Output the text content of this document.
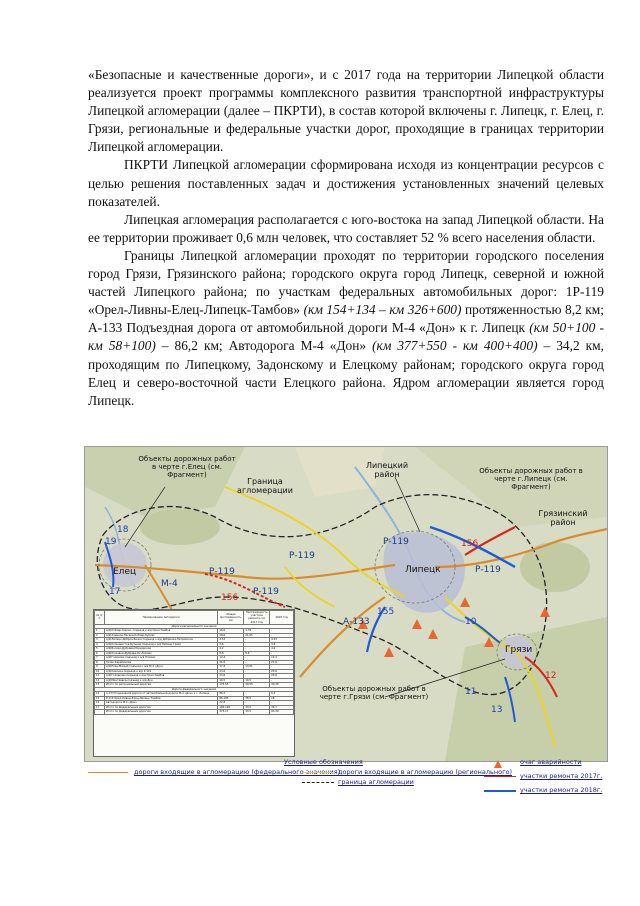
«Безопасные и качественные дороги», и с 2017 года на территории Липецкой области реализуется проект программы комплексного развития транспортной инфраструктуры Липецкой агломерации (далее – ПКРТИ), в состав которой включены г. Липецк, г. Елец, г. Грязи, региональные и федеральные участки дорог, проходящие в границах территории Липецкой агломерации.

ПКРТИ Липецкой агломерации сформирована исходя из концентрации ресурсов с целью решения поставленных задач и достижения установленных значений целевых показателей.

Липецкая агломерация располагается с юго-востока на запад Липецкой области. На ее территории проживает 0,6 млн человек, что составляет 52 % всего населения области.

Границы Липецкой агломерации проходят по территории городского поселения город Грязи, Грязинского района; городского округа город Липецк, северной и южной частей Липецкого района; по участкам федеральных автомобильных дорог: 1Р-119 «Орел-Ливны-Елец-Липецк-Тамбов» (км 154+134 – км 326+600) протяженностью 8,2 км; А-133 Подъездная дорога от автомобильной дороги М-4 «Дон» к г. Липецк (км 50+100 - км 58+100) – 86,2 км; Автодорога М-4 «Дон» (км 377+550 - км 400+400) – 34,2 км, проходящим по Липецкому, Задонскому и Елецкому районам; городского округа город Елец и северо-восточной части Елецкого района. Ядром агломерации является город Липецк.

Объекты дорожных работ в черте г.Елец (см. Фрагмент)
Граница агломерации
Липецкий район	Объекты дорожных работ в черте г.Липецк (см. Фрагмент)
Грязинский район
Объекты дорожных работ в черте г.Грязи (см. Фрагмент)
Елец	Липецк
Грязи
Р-119
Р-119
Р-119
Р-119
Р-119
М-4
А-133
18
19
17
156
156
155
10
12
11
13
№ п/п	Наименование Автодороги	Общая протяжённость, км	Протяжённость участков ремонта, км 2017 год	2018 год
Дороги регионального значения				
1	А/Д Кобзар-Ключи, подъезд к а/д Орел-Тамбов	16,6	1,79	-
2	А/Д Хлевное-Пасека-Кобзар-Куплас	29,0	21,05	-
3	А/Д Липецк-Доброе-Бечки подъезд к а/д Добринка-Петровское	4,53	-	4,53
4	А/Д Колыхвостов-Бутыши подъезд к а/д Липецк-Грязи	3,6	-	3,6
5	А/Д Волово-Дубрава-Мордовская	4,2	-	4,2
6	А/Д Кожевки-Дубрава-Ок.Ломово	8,8	8,8	-
7	А/Д Голиково-подъезд к а/д Ломово	12,4	-	12,4
8	Грязи-Карабинова	21,6	-	21,6
9	А/Д Елец-Малый-подъезд к а/д М-4 «Дон»	17,8	13,01	-
10	А/Д Казинка-подъезд к а/д Р-119	23,6	-	23,6
11	А/Д Головково-подъезд к а/д Орел-Тамбов	23,6	-	23,6
12	А/Д Минтаевка-подъезд к а/д Дон	10,5	10,5	-
13	Итого по региональным дорогам	175,55	29,55	30,38
Дороги федерального значения				
14	А-133 Подъездная дорога от автомобильной дороги М-4 «Дон» к г. Липецк	86,2	-	6,3
15	Р-119 Орел-Ливны-Елец-Липецк-Тамбов	86,195	38,5	18
16	Автодорога М-4 «Дон»	22,8	-	-
17	Итого по федеральным дорогам	195,195	33,5	34,7
	Итого по федеральным дорогам	375,17	33,5	93,39
Условные обозначения
дороги входящие в агломерацию (федерального значения)
дороги входящие в агломерацию (регионального)
граница агломерации
очаг аварийности
участки ремонта 2017г.
участки ремонта 2018г.
